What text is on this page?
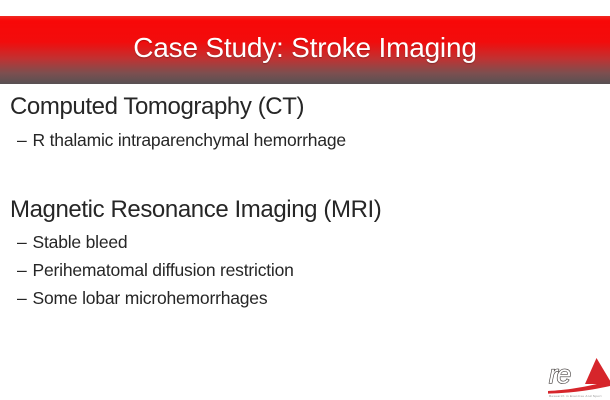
Case Study: Stroke Imaging
Computed Tomography (CT)
– R thalamic intraparenchymal hemorrhage
Magnetic Resonance Imaging (MRI)
– Stable bleed
– Perihematomal diffusion restriction
– Some lobar microhemorrhages
re
Research in Exercise And Sport
